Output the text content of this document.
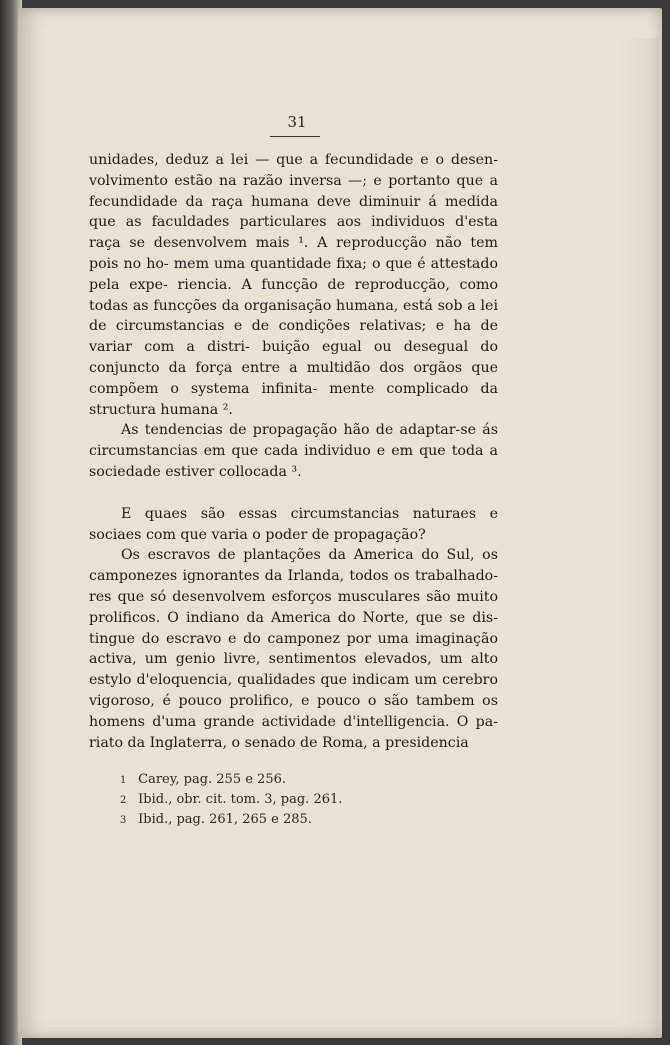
31

unidades, deduz a lei — que a fecundidade e o desen- volvimento estão na razão inversa —; e portanto que a fecundidade da raça humana deve diminuir á medida que as faculdades particulares aos individuos d'esta raça se desenvolvem mais ¹. A reproducção não tem pois no ho- mem uma quantidade fixa; o que é attestado pela expe- riencia. A funcção de reproducção, como todas as funcções da organisação humana, está sob a lei de circumstancias e de condições relativas; e ha de variar com a distri- buição egual ou desegual do conjuncto da força entre a multidão dos orgãos que compõem o systema infinita- mente complicado da structura humana ².

As tendencias de propagação hão de adaptar-se ás circumstancias em que cada individuo e em que toda a sociedade estiver collocada ³.

E quaes são essas circumstancias naturaes e sociaes com que varia o poder de propagação?

Os escravos de plantações da America do Sul, os camponezes ignorantes da Irlanda, todos os trabalhado- res que só desenvolvem esforços musculares são muito prolificos. O indiano da America do Norte, que se dis- tingue do escravo e do camponez por uma imaginação activa, um genio livre, sentimentos elevados, um alto estylo d'eloquencia, qualidades que indicam um cerebro vigoroso, é pouco prolifico, e pouco o são tambem os homens d'uma grande actividade d'intelligencia. O pa- riato da Inglaterra, o senado de Roma, a presidencia

1 Carey, pag. 255 e 256.
2 Ibid., obr. cit. tom. 3, pag. 261.
3 Ibid., pag. 261, 265 e 285.
